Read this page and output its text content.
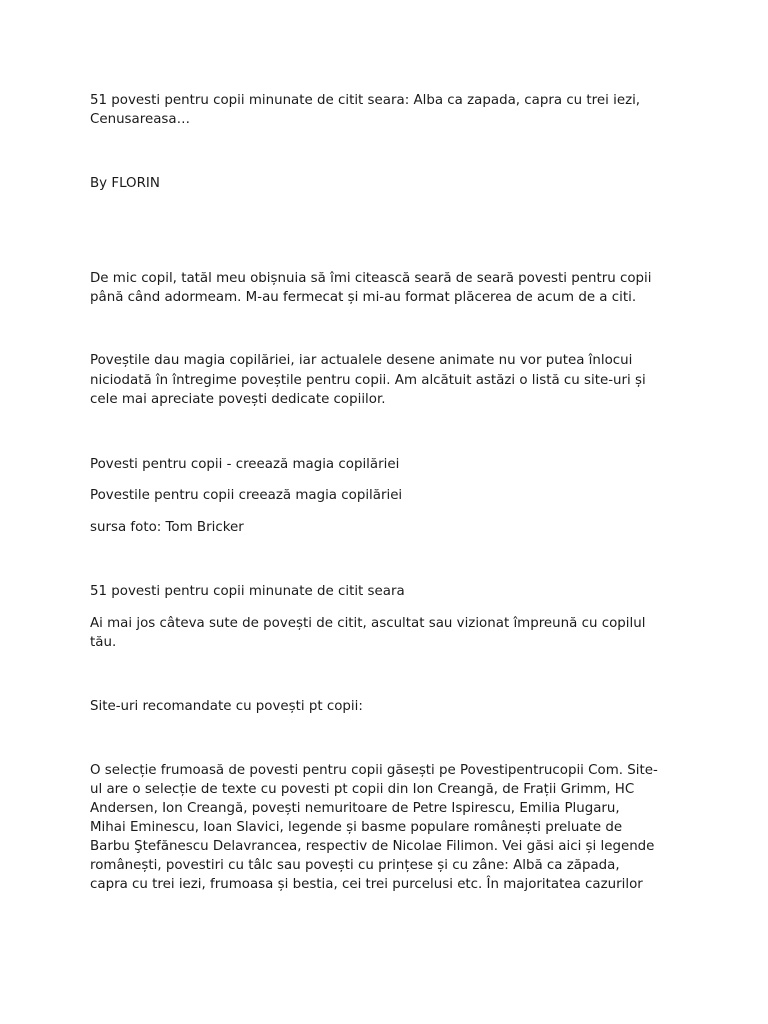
51 povesti pentru copii minunate de citit seara: Alba ca zapada, capra cu trei iezi,

Cenusareasa…

By FLORIN

De mic copil, tatăl meu obișnuia să îmi citească seară de seară povesti pentru copii

până când adormeam. M-au fermecat și mi-au format plăcerea de acum de a citi.

Poveștile dau magia copilăriei, iar actualele desene animate nu vor putea înlocui

niciodată în întregime poveștile pentru copii. Am alcătuit astăzi o listă cu site-uri și

cele mai apreciate povești dedicate copiilor.

Povesti pentru copii - creează magia copilăriei

Povestile pentru copii creează magia copilăriei

sursa foto: Tom Bricker

51 povesti pentru copii minunate de citit seara

Ai mai jos câteva sute de povești de citit, ascultat sau vizionat împreună cu copilul

tău.

Site-uri recomandate cu povești pt copii:

O selecție frumoasă de povesti pentru copii găsești pe Povestipentrucopii Com. Site-

ul are o selecție de texte cu povesti pt copii din Ion Creangă, de Frații Grimm, HC

Andersen, Ion Creangă, povești nemuritoare de Petre Ispirescu, Emilia Plugaru,

Mihai Eminescu, Ioan Slavici, legende și basme populare românești preluate de

Barbu Ştefănescu Delavrancea, respectiv de Nicolae Filimon. Vei găsi aici și legende

românești, povestiri cu tâlc sau povești cu prințese și cu zâne: Albă ca zăpada,

capra cu trei iezi, frumoasa și bestia, cei trei purcelusi etc. În majoritatea cazurilor
